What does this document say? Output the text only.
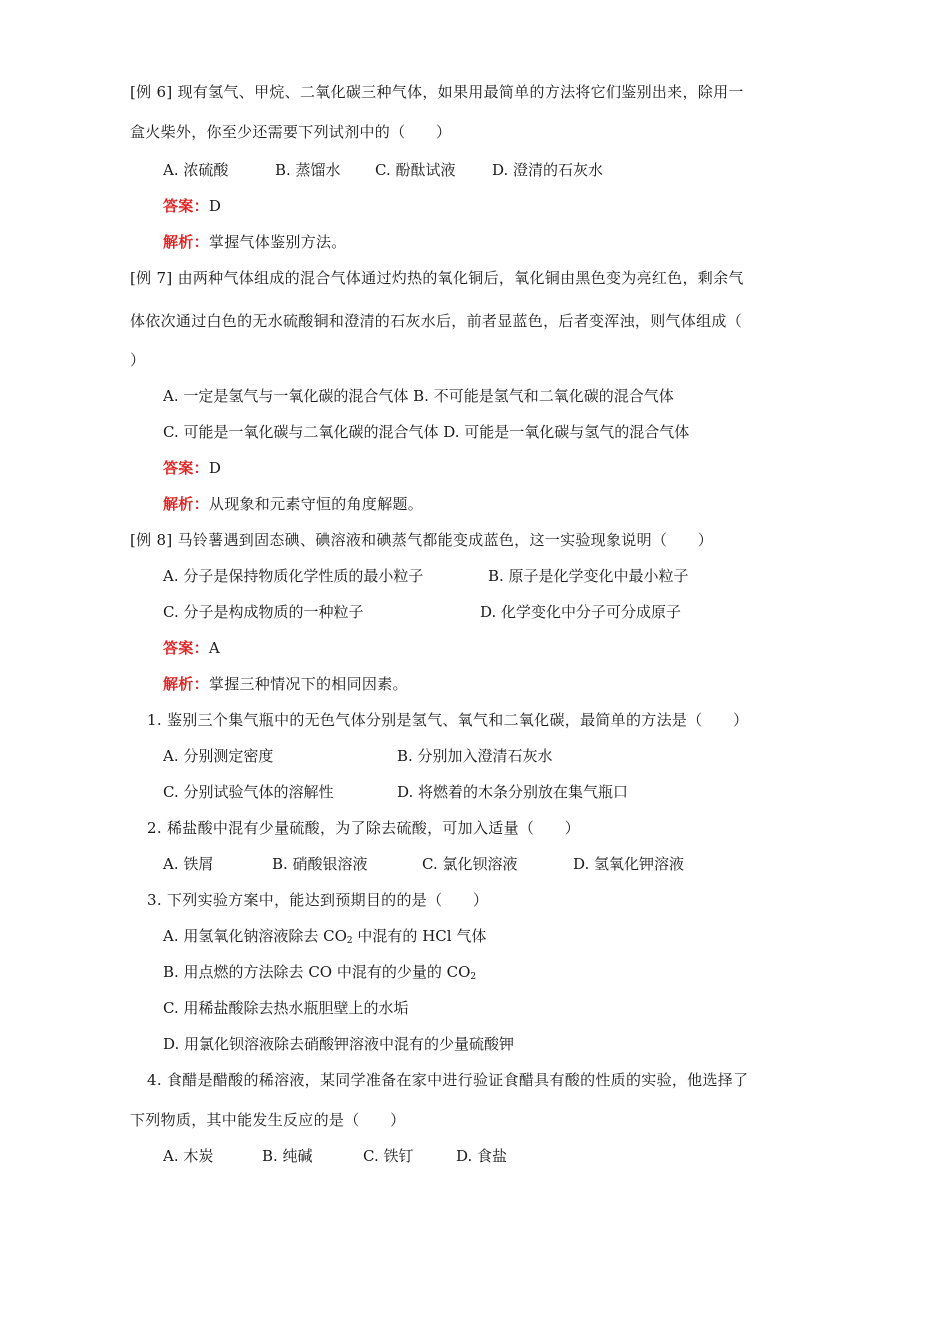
[例 6] 现有氢气、甲烷、二氧化碳三种气体，如果用最简单的方法将它们鉴别出来，除用一
盒火柴外，你至少还需要下列试剂中的（　　）
A. 浓硫酸	B. 蒸馏水 C. 酚酞试液 D. 澄清的石灰水
答案：D
解析：掌握气体鉴别方法。
[例 7] 由两种气体组成的混合气体通过灼热的氧化铜后，氧化铜由黑色变为亮红色，剩余气
体依次通过白色的无水硫酸铜和澄清的石灰水后，前者显蓝色，后者变浑浊，则气体组成（
）
A. 一定是氢气与一氧化碳的混合气体 B. 不可能是氢气和二氧化碳的混合气体
C. 可能是一氧化碳与二氧化碳的混合气体 D. 可能是一氧化碳与氢气的混合气体
答案：D
解析：从现象和元素守恒的角度解题。
[例 8] 马铃薯遇到固态碘、碘溶液和碘蒸气都能变成蓝色，这一实验现象说明（　　）
A. 分子是保持物质化学性质的最小粒子	B. 原子是化学变化中最小粒子
C. 分子是构成物质的一种粒子	D. 化学变化中分子可分成原子
答案：A
解析：掌握三种情况下的相同因素。
1. 鉴别三个集气瓶中的无色气体分别是氢气、氧气和二氧化碳，最简单的方法是（　　）
A. 分别测定密度	B. 分别加入澄清石灰水
C. 分别试验气体的溶解性	D. 将燃着的木条分别放在集气瓶口
2. 稀盐酸中混有少量硫酸，为了除去硫酸，可加入适量（　　）
A. 铁屑	B. 硝酸银溶液	C. 氯化钡溶液	D. 氢氧化钾溶液
3. 下列实验方案中，能达到预期目的的是（　　）
A. 用氢氧化钠溶液除去 $CO_2$ 中混有的 HCl 气体
B. 用点燃的方法除去 CO 中混有的少量的 $CO_2$
C. 用稀盐酸除去热水瓶胆壁上的水垢
D. 用氯化钡溶液除去硝酸钾溶液中混有的少量硫酸钾
4. 食醋是醋酸的稀溶液，某同学准备在家中进行验证食醋具有酸的性质的实验，他选择了
下列物质，其中能发生反应的是（　　）
A. 木炭	B. 纯碱	C. 铁钉	D. 食盐
